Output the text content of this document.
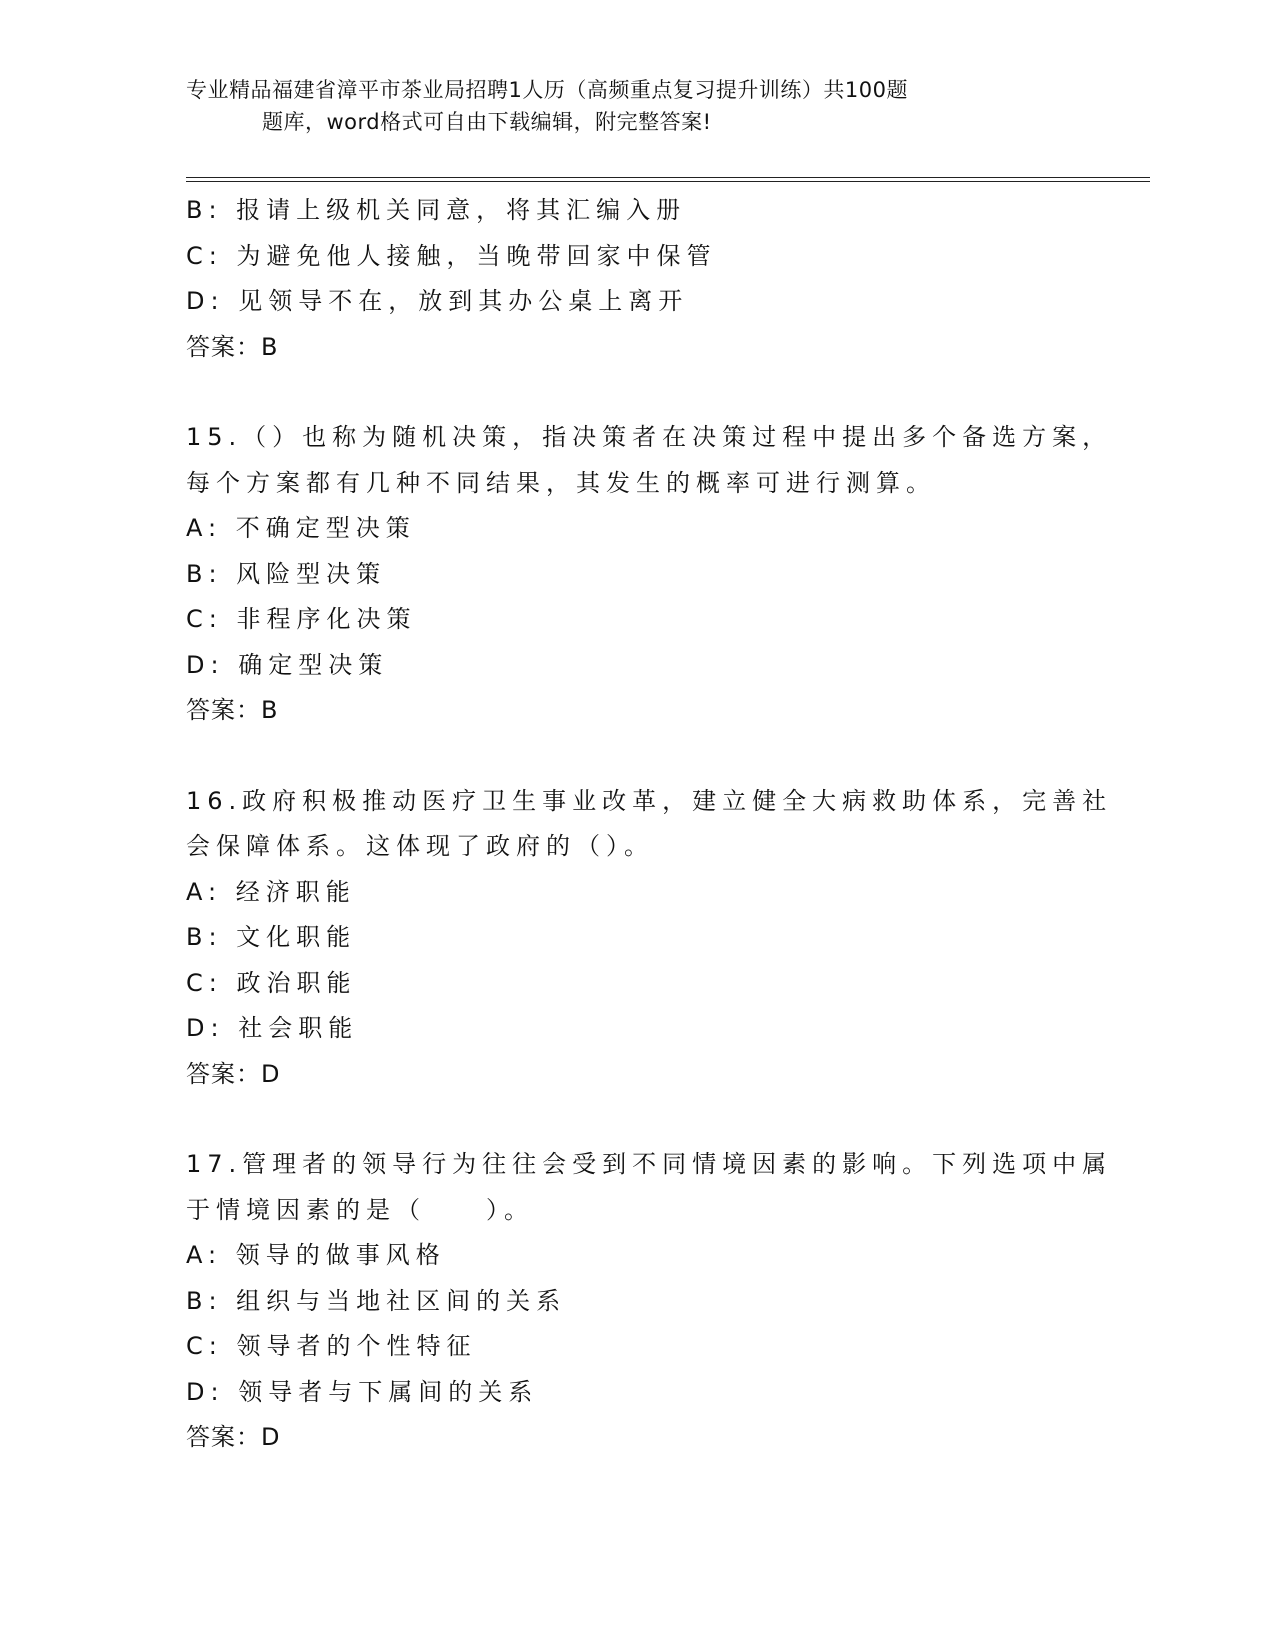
专业精品福建省漳平市茶业局招聘1人历（高频重点复习提升训练）共100题
题库，word格式可自由下载编辑，附完整答案!
B: 报请上级机关同意，将其汇编入册
C: 为避免他人接触，当晚带回家中保管
D: 见领导不在，放到其办公桌上离开
答案：B
15.（）也称为随机决策，指决策者在决策过程中提出多个备选方案，
每个方案都有几种不同结果，其发生的概率可进行测算。
A: 不确定型决策
B: 风险型决策
C: 非程序化决策
D: 确定型决策
答案：B
16.政府积极推动医疗卫生事业改革，建立健全大病救助体系，完善社
会保障体系。这体现了政府的（）。
A: 经济职能
B: 文化职能
C: 政治职能
D: 社会职能
答案：D
17.管理者的领导行为往往会受到不同情境因素的影响。下列选项中属
于情境因素的是（　　）。
A: 领导的做事风格
B: 组织与当地社区间的关系
C: 领导者的个性特征
D: 领导者与下属间的关系
答案：D
